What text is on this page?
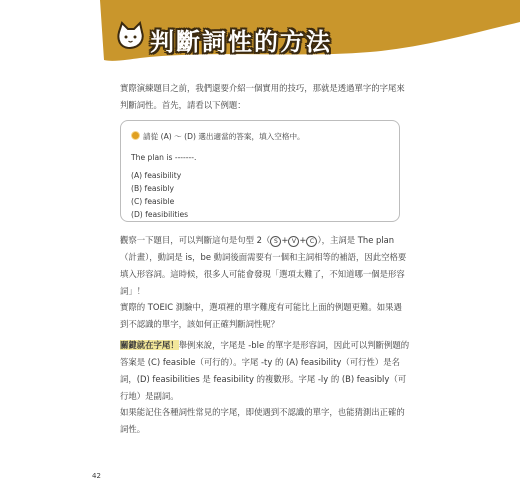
判斷詞性的方法

實際演練題目之前，我們還要介紹一個實用的技巧，那就是透過單字的字尾來判斷詞性。首先，請看以下例題：

請從 (A) ～ (D) 選出適當的答案，填入空格中。
The plan is -------.
(A) feasibility
(B) feasibly
(C) feasible
(D) feasibilities

觀察一下題目，可以判斷這句是句型 2（ S + V + C ），主詞是 The plan（計畫），動詞是 is，be 動詞後面需要有一個和主詞相等的補語，因此空格要填入形容詞。這時候，很多人可能會發現「選項太難了，不知道哪一個是形容詞」！

實際的 TOEIC 測驗中，選項裡的單字難度有可能比上面的例題更難。如果遇到不認識的單字，該如何正確判斷詞性呢？

關鍵就在字尾！舉例來說，字尾是 -ble 的單字是形容詞，因此可以判斷例題的答案是 (C) feasible（可行的）。字尾 -ty 的 (A) feasibility（可行性）是名詞，(D) feasibilities 是 feasibility 的複數形。字尾 -ly 的 (B) feasibly（可行地）是副詞。

如果能記住各種詞性常見的字尾，即使遇到不認識的單字，也能猜測出正確的詞性。

42
